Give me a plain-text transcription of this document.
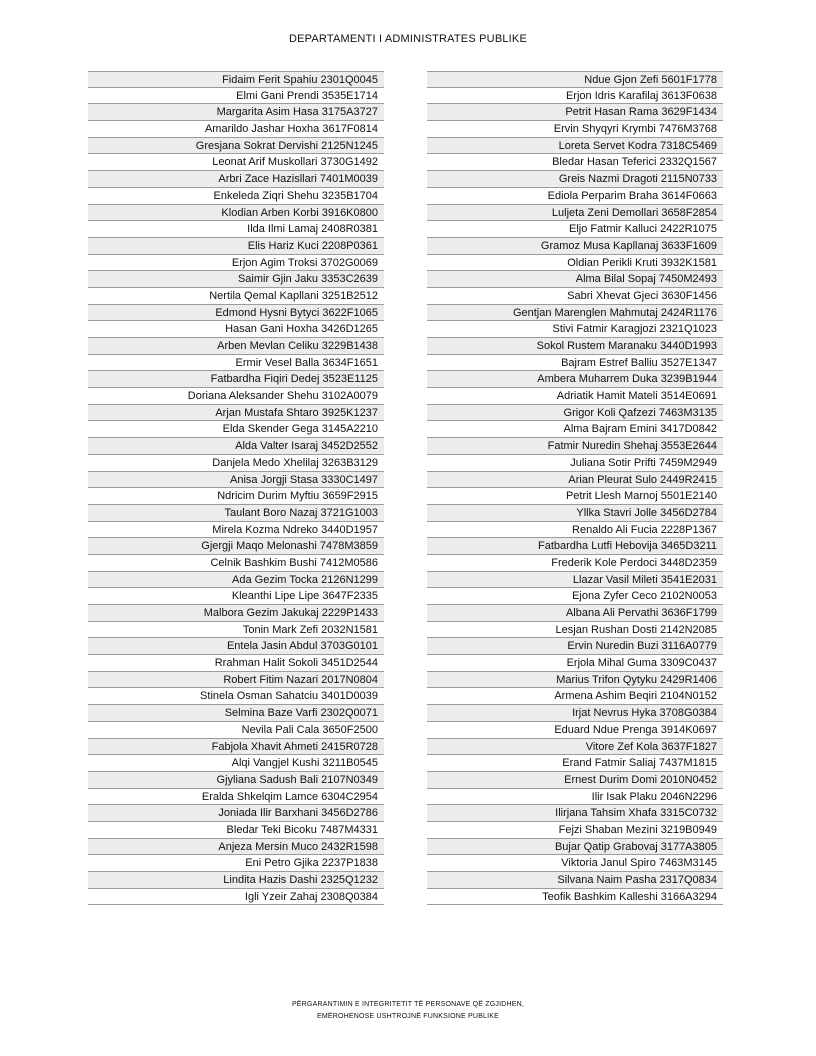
DEPARTAMENTI I ADMINISTRATES PUBLIKE
Fidaim Ferit Spahiu 2301Q0045
Elmi Gani Prendi 3535E1714
Margarita Asim Hasa 3175A3727
Amarildo Jashar Hoxha 3617F0814
Gresjana Sokrat Dervishi 2125N1245
Leonat Arif Muskollari 3730G1492
Arbri Zace Hazisllari 7401M0039
Enkeleda Ziqri Shehu 3235B1704
Klodian Arben Korbi 3916K0800
Ilda Ilmi Lamaj 2408R0381
Elis Hariz Kuci 2208P0361
Erjon Agim Troksi 3702G0069
Saimir Gjin Jaku 3353C2639
Nertila Qemal Kapllani 3251B2512
Edmond Hysni Bytyci 3622F1065
Hasan Gani Hoxha 3426D1265
Arben Mevlan Celiku 3229B1438
Ermir Vesel Balla 3634F1651
Fatbardha Fiqiri Dedej 3523E1125
Doriana Aleksander Shehu 3102A0079
Arjan Mustafa Shtaro 3925K1237
Elda Skender Gega 3145A2210
Alda Valter Isaraj 3452D2552
Danjela Medo Xhelilaj 3263B3129
Anisa Jorgji Stasa 3330C1497
Ndricim Durim Myftiu 3659F2915
Taulant Boro Nazaj 3721G1003
Mirela Kozma Ndreko 3440D1957
Gjergji Maqo Melonashi 7478M3859
Celnik Bashkim Bushi 7412M0586
Ada Gezim Tocka 2126N1299
Kleanthi Lipe Lipe 3647F2335
Malbora Gezim Jakukaj 2229P1433
Tonin Mark Zefi 2032N1581
Entela Jasin Abdul 3703G0101
Rrahman Halit Sokoli 3451D2544
Robert Fitim Nazari 2017N0804
Stinela Osman Sahatciu 3401D0039
Selmina Baze Varfi 2302Q0071
Nevila Pali Cala 3650F2500
Fabjola Xhavit Ahmeti 2415R0728
Alqi Vangjel Kushi 3211B0545
Gjyliana Sadush Bali 2107N0349
Eralda Shkelqim Lamce 6304C2954
Joniada Ilir Barxhani 3456D2786
Bledar Teki Bicoku 7487M4331
Anjeza Mersin Muco 2432R1598
Eni Petro Gjika 2237P1838
Lindita Hazis Dashi 2325Q1232
Igli Yzeir Zahaj 2308Q0384
Ndue Gjon Zefi 5601F1778
Erjon Idris Karafilaj 3613F0638
Petrit Hasan Rama 3629F1434
Ervin Shyqyri Krymbi 7476M3768
Loreta Servet Kodra 7318C5469
Bledar Hasan Teferici 2332Q1567
Greis Nazmi Dragoti 2115N0733
Ediola Perparim Braha 3614F0663
Luljeta Zeni Demollari 3658F2854
Eljo Fatmir Kalluci 2422R1075
Gramoz Musa Kapllanaj 3633F1609
Oldian Perikli Kruti 3932K1581
Alma Bilal Sopaj 7450M2493
Sabri Xhevat Gjeci 3630F1456
Gentjan Marenglen Mahmutaj 2424R1176
Stivi Fatmir Karagjozi 2321Q1023
Sokol Rustem Maranaku 3440D1993
Bajram Estref Balliu 3527E1347
Ambera Muharrem Duka 3239B1944
Adriatik Hamit Mateli 3514E0691
Grigor Koli Qafzezi 7463M3135
Alma Bajram Emini 3417D0842
Fatmir Nuredin Shehaj 3553E2644
Juliana Sotir Prifti 7459M2949
Arian Pleurat Sulo 2449R2415
Petrit Llesh Marnoj 5501E2140
Yllka Stavri Jolle 3456D2784
Renaldo Ali Fucia 2228P1367
Fatbardha Lutfi Hebovija 3465D3211
Frederik Kole Perdoci 3448D2359
Llazar Vasil Mileti 3541E2031
Ejona Zyfer Ceco 2102N0053
Albana Ali Pervathi 3636F1799
Lesjan Rushan Dosti 2142N2085
Ervin Nuredin Buzi 3116A0779
Erjola Mihal Guma 3309C0437
Marius Trifon Qytyku 2429R1406
Armena Ashim Beqiri 2104N0152
Irjat Nevrus Hyka 3708G0384
Eduard Ndue Prenga 3914K0697
Vitore Zef Kola 3637F1827
Erand Fatmir Saliaj 7437M1815
Ernest Durim Domi 2010N0452
Ilir Isak Plaku 2046N2296
Ilirjana Tahsim Xhafa 3315C0732
Fejzi Shaban Mezini 3219B0949
Bujar Qatip Grabovaj 3177A3805
Viktoria Janul Spiro 7463M3145
Silvana Naim Pasha 2317Q0834
Teofik Bashkim Kalleshi 3166A3294
PËRGARANTIMIN E INTEGRITETIT TË PERSONAVE QË ZGJIDHEN,
EMËROHENOSE USHTROJNË FUNKSIONE PUBLIKE
